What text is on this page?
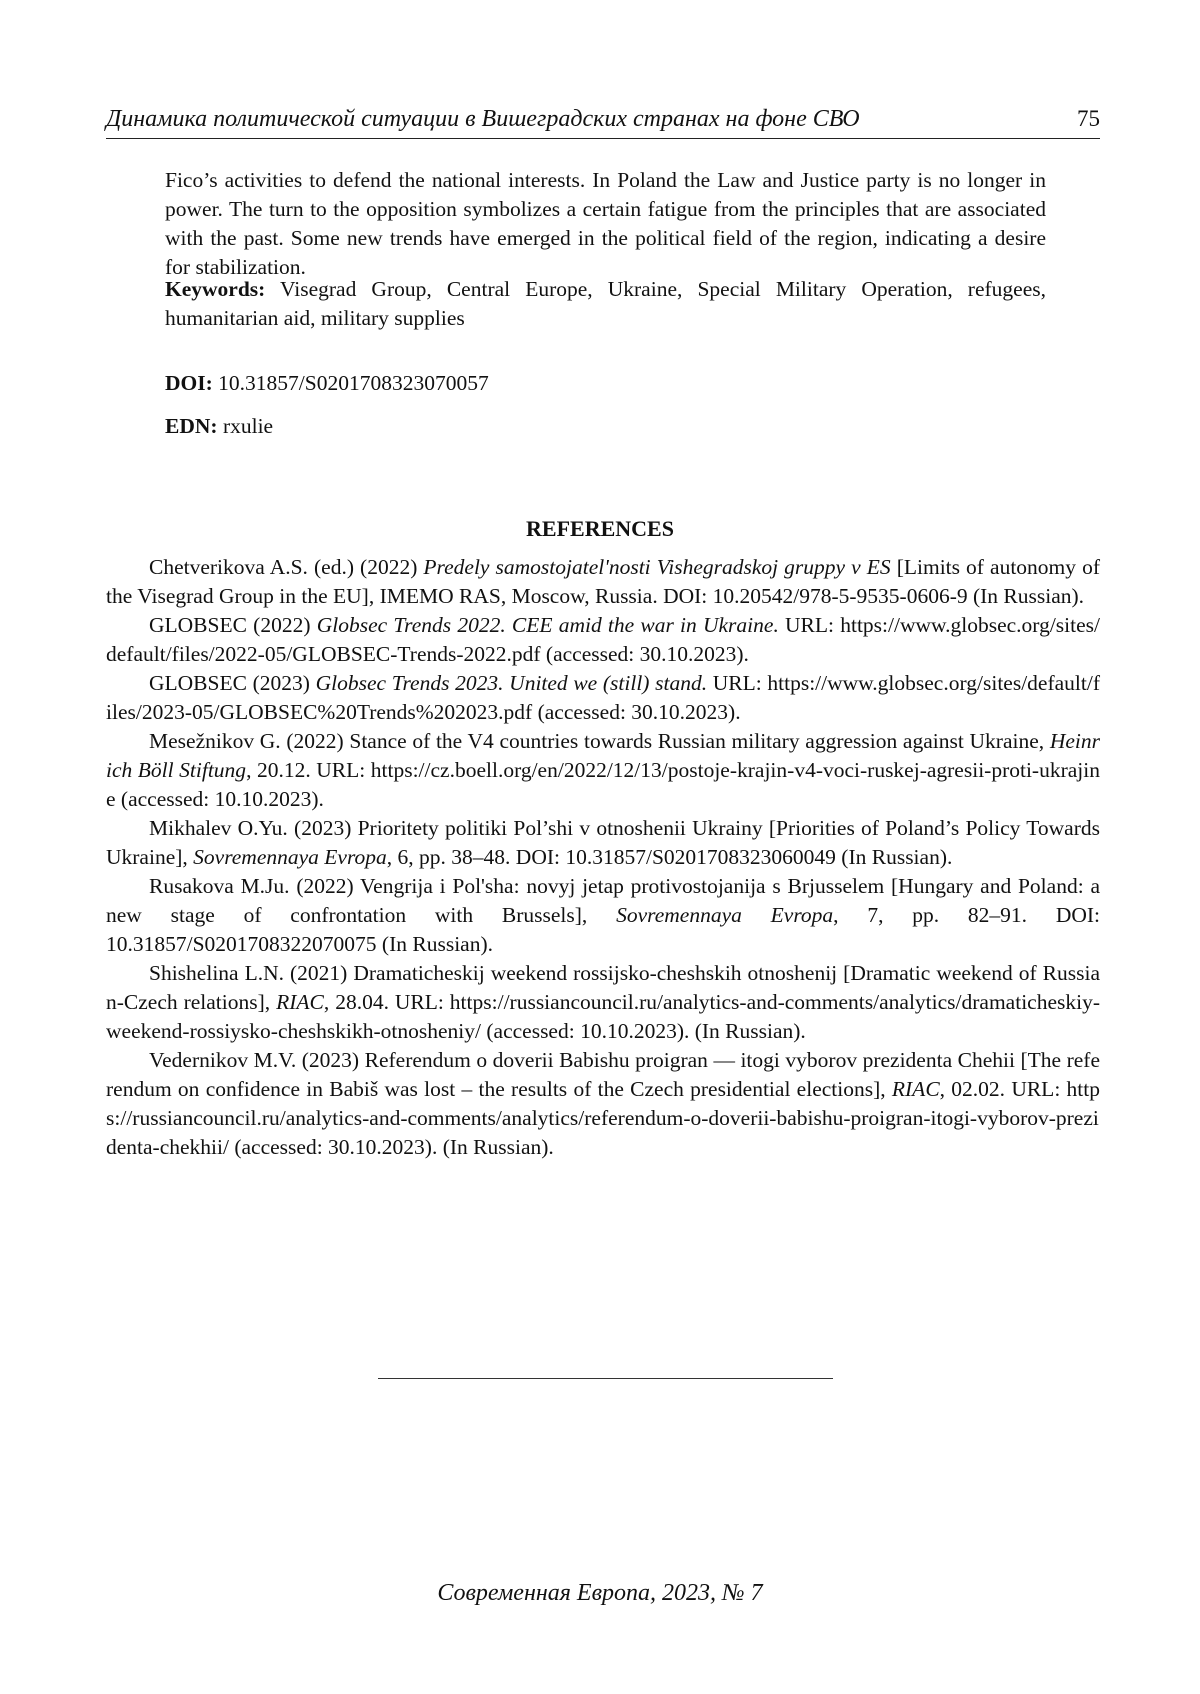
Динамика политической ситуации в Вишеградских странах на фоне СВО	75

Fico’s activities to defend the national interests. In Poland the Law and Justice party is no longer in power. The turn to the opposition symbolizes a certain fatigue from the principles that are associated with the past. Some new trends have emerged in the political field of the region, indicating a desire for stabilization.

Keywords: Visegrad Group, Central Europe, Ukraine, Special Military Operation, refugees, humanitarian aid, military supplies
DOI: 10.31857/S0201708323070057
EDN: rxulie
REFERENCES

Chetverikova A.S. (ed.) (2022) Predely samostojatel'nosti Vishegradskoj gruppy v ES [Limits of autonomy of the Visegrad Group in the EU], IMEMO RAS, Moscow, Russia. DOI: 10.20542/978-5-9535-0606-9 (In Russian).

GLOBSEC (2022) Globsec Trends 2022. CEE amid the war in Ukraine. URL: https://www.globsec.org/sites/default/files/2022-05/GLOBSEC-Trends-2022.pdf (accessed: 30.10.2023).

GLOBSEC (2023) Globsec Trends 2023. United we (still) stand. URL: https://www.globsec.org/sites/default/files/2023-05/GLOBSEC%20Trends%202023.pdf (accessed: 30.10.2023).

Mesežnikov G. (2022) Stance of the V4 countries towards Russian military aggression against Ukraine, Heinrich Böll Stiftung, 20.12. URL: https://cz.boell.org/en/2022/12/13/postoje-krajin-v4-voci-ruskej-agresii-proti-ukrajine (accessed: 10.10.2023).

Mikhalev O.Yu. (2023) Prioritety politiki Pol’shi v otnoshenii Ukrainy [Priorities of Poland’s Policy Towards Ukraine], Sovremennaya Evropa, 6, pp. 38–48. DOI: 10.31857/S0201708323060049 (In Russian).

Rusakova M.Ju. (2022) Vengrija i Pol'sha: novyj jetap protivostojanija s Brjusselem [Hungary and Poland: a new stage of confrontation with Brussels], Sovremennaya Evropa, 7, pp. 82–91. DOI: 10.31857/S0201708322070075 (In Russian).

Shishelina L.N. (2021) Dramaticheskij weekend rossijsko-cheshskih otnoshenij [Dramatic weekend of Russian-Czech relations], RIAC, 28.04. URL: https://russiancouncil.ru/analytics-and-comments/analytics/dramaticheskiy-weekend-rossiysko-cheshskikh-otnosheniy/ (accessed: 10.10.2023). (In Russian).

Vedernikov M.V. (2023) Referendum o doverii Babishu proigran — itogi vyborov prezidenta Chehii [The referendum on confidence in Babiš was lost – the results of the Czech presidential elections], RIAC, 02.02. URL: https://russiancouncil.ru/analytics-and-comments/analytics/referendum-o-doverii-babishu-proigran-itogi-vyborov-prezidenta-chekhii/ (accessed: 30.10.2023). (In Russian).

Современная Европа, 2023, № 7
